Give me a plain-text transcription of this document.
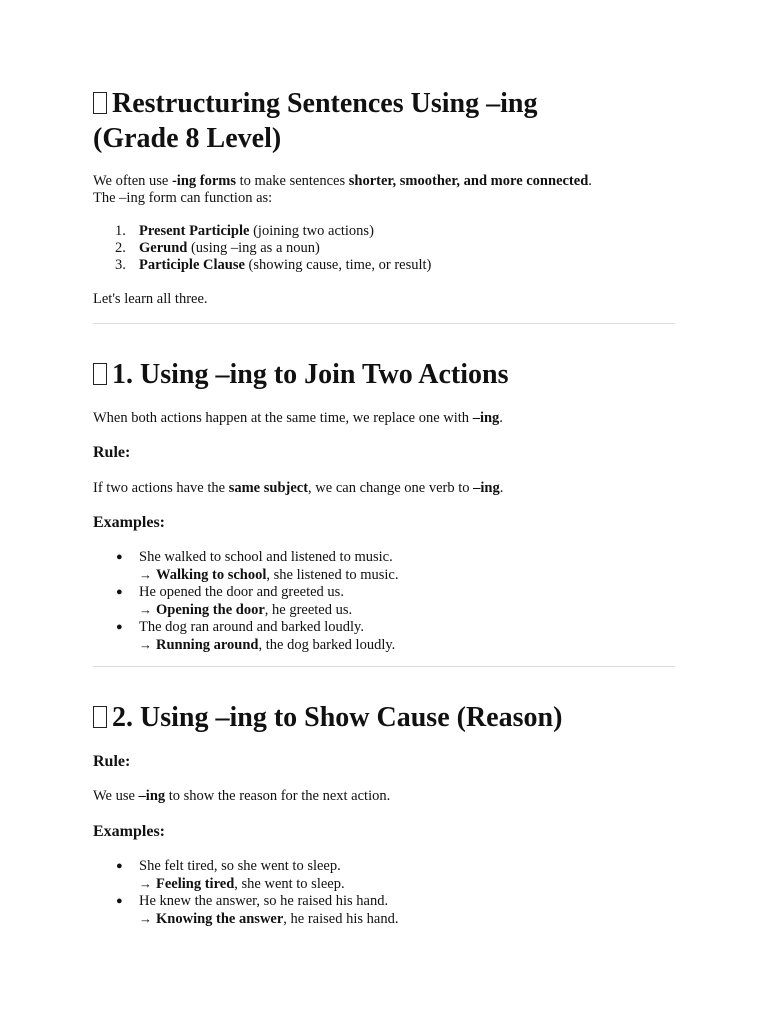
Restructuring Sentences Using –ing
(Grade 8 Level)

We often use -ing forms to make sentences shorter, smoother, and more connected.
The –ing form can function as:

1. Present Participle (joining two actions)
2. Gerund (using –ing as a noun)
3. Participle Clause (showing cause, time, or result)

Let's learn all three.

1. Using –ing to Join Two Actions

When both actions happen at the same time, we replace one with –ing.

Rule:

If two actions have the same subject, we can change one verb to –ing.

Examples:

● She walked to school and listened to music.
→ Walking to school, she listened to music.
● He opened the door and greeted us.
→ Opening the door, he greeted us.
● The dog ran around and barked loudly.
→ Running around, the dog barked loudly.
2. Using –ing to Show Cause (Reason)

Rule:

We use –ing to show the reason for the next action.

Examples:

● She felt tired, so she went to sleep.
→ Feeling tired, she went to sleep.
● He knew the answer, so he raised his hand.
→ Knowing the answer, he raised his hand.
